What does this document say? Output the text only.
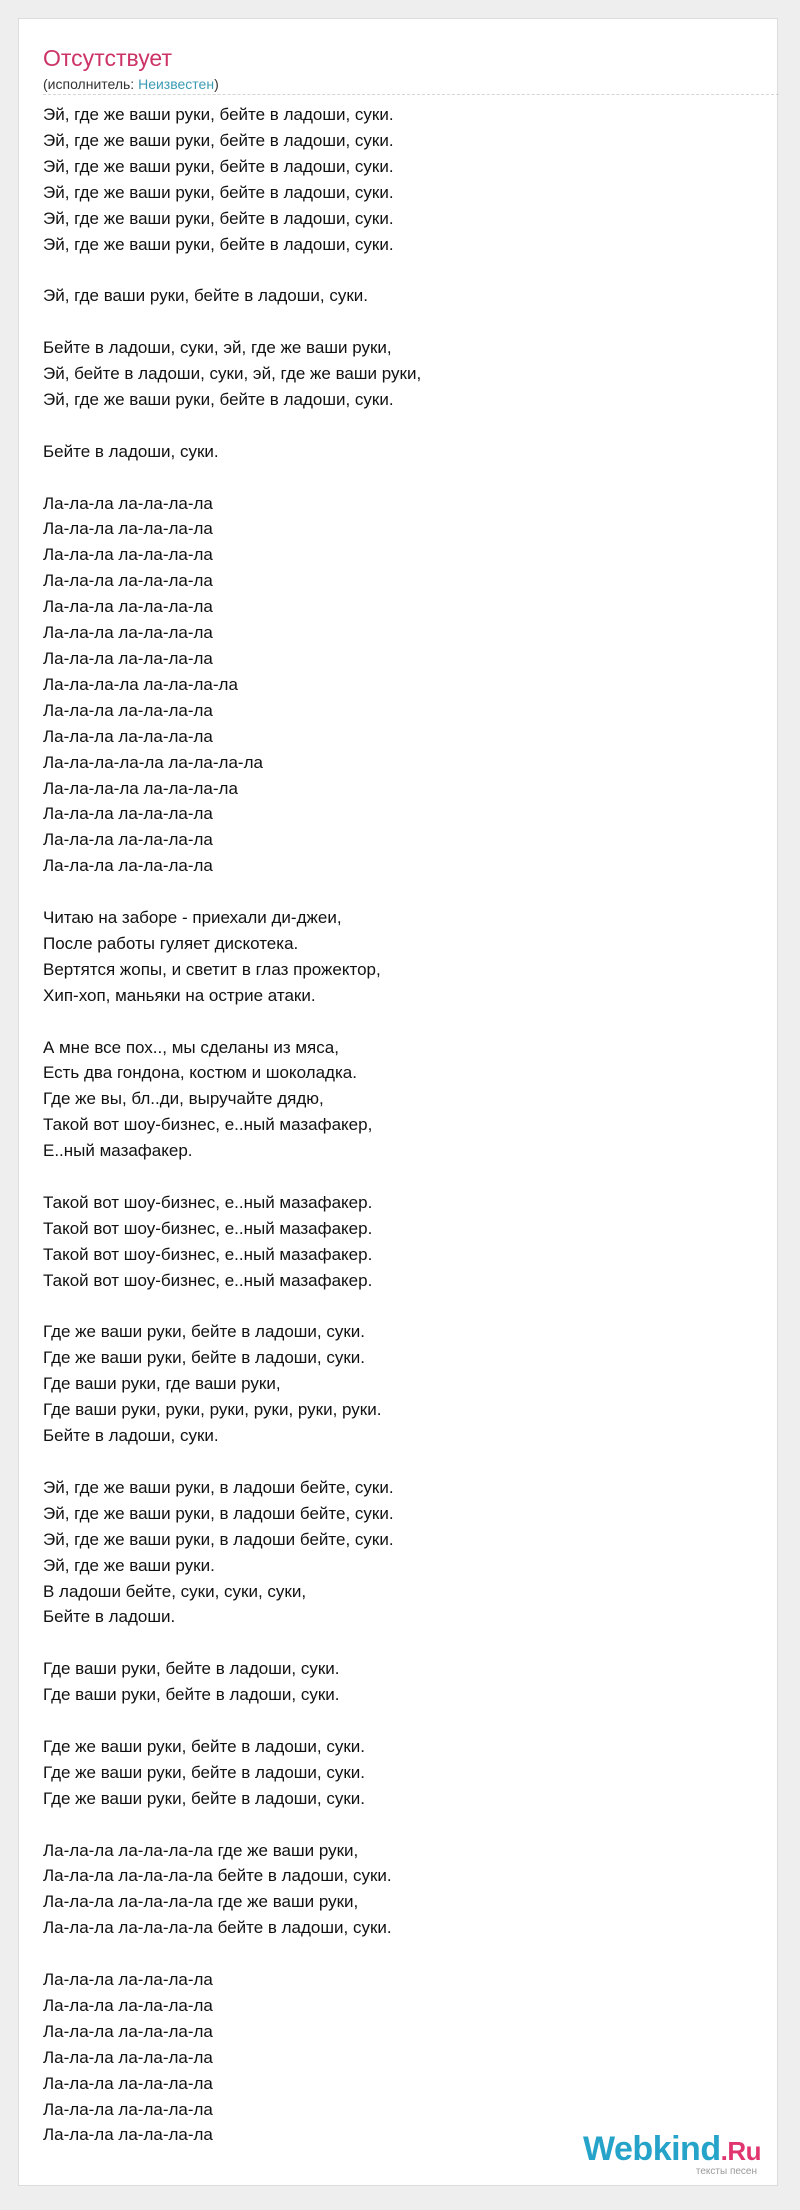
Отсутствует
(исполнитель: Неизвестен)
Эй, где же ваши руки, бейте в ладоши, суки.
Эй, где же ваши руки, бейте в ладоши, суки.
Эй, где же ваши руки, бейте в ладоши, суки.
Эй, где же ваши руки, бейте в ладоши, суки.
Эй, где же ваши руки, бейте в ладоши, суки.
Эй, где же ваши руки, бейте в ладоши, суки.
Эй, где ваши руки, бейте в ладоши, суки.
Бейте в ладоши, суки, эй, где же ваши руки,
Эй, бейте в ладоши, суки, эй, где же ваши руки,
Эй, где же ваши руки, бейте в ладоши, суки.
Бейте в ладоши, суки.
Ла-ла-ла ла-ла-ла-ла
Ла-ла-ла ла-ла-ла-ла
Ла-ла-ла ла-ла-ла-ла
Ла-ла-ла ла-ла-ла-ла
Ла-ла-ла ла-ла-ла-ла
Ла-ла-ла ла-ла-ла-ла
Ла-ла-ла ла-ла-ла-ла
Ла-ла-ла-ла ла-ла-ла-ла
Ла-ла-ла ла-ла-ла-ла
Ла-ла-ла ла-ла-ла-ла
Ла-ла-ла-ла-ла ла-ла-ла-ла
Ла-ла-ла-ла ла-ла-ла-ла
Ла-ла-ла ла-ла-ла-ла
Ла-ла-ла ла-ла-ла-ла
Ла-ла-ла ла-ла-ла-ла
Читаю на заборе - приехали ди-джеи,
После работы гуляет дискотека.
Вертятся жопы, и светит в глаз прожектор,
Хип-хоп, маньяки на острие атаки.
А мне все пох.., мы сделаны из мяса,
Есть два гондона, костюм и шоколадка.
Где же вы, бл..ди, выручайте дядю,
Такой вот шоу-бизнес, е..ный мазафакер,
Е..ный мазафакер.
Такой вот шоу-бизнес, е..ный мазафакер.
Такой вот шоу-бизнес, е..ный мазафакер.
Такой вот шоу-бизнес, е..ный мазафакер.
Такой вот шоу-бизнес, е..ный мазафакер.
Где же ваши руки, бейте в ладоши, суки.
Где же ваши руки, бейте в ладоши, суки.
Где ваши руки, где ваши руки,
Где ваши руки, руки, руки, руки, руки, руки.
Бейте в ладоши, суки.
Эй, где же ваши руки, в ладоши бейте, суки.
Эй, где же ваши руки, в ладоши бейте, суки.
Эй, где же ваши руки, в ладоши бейте, суки.
Эй, где же ваши руки.
В ладоши бейте, суки, суки, суки,
Бейте в ладоши.
Где ваши руки, бейте в ладоши, суки.
Где ваши руки, бейте в ладоши, суки.
Где же ваши руки, бейте в ладоши, суки.
Где же ваши руки, бейте в ладоши, суки.
Где же ваши руки, бейте в ладоши, суки.
Ла-ла-ла ла-ла-ла-ла где же ваши руки,
Ла-ла-ла ла-ла-ла-ла бейте в ладоши, суки.
Ла-ла-ла ла-ла-ла-ла где же ваши руки,
Ла-ла-ла ла-ла-ла-ла бейте в ладоши, суки.
Ла-ла-ла ла-ла-ла-ла
Ла-ла-ла ла-ла-ла-ла
Ла-ла-ла ла-ла-ла-ла
Ла-ла-ла ла-ла-ла-ла
Ла-ла-ла ла-ла-ла-ла
Ла-ла-ла ла-ла-ла-ла
Ла-ла-ла ла-ла-ла-ла	Webkind.Ru
тексты песен
